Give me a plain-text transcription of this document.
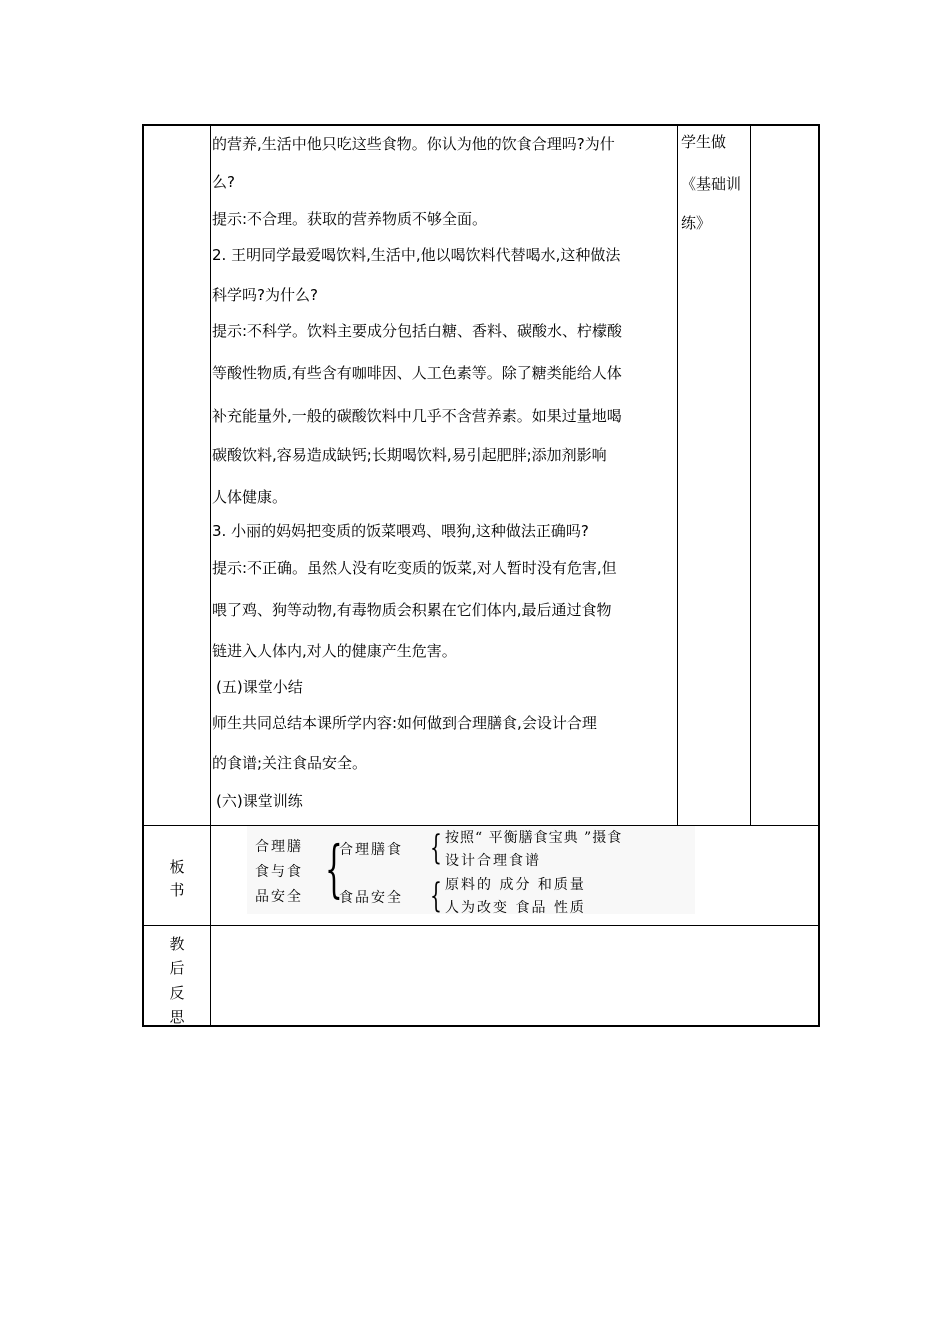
的营养,生活中他只吃这些食物。你认为他的饮食合理吗?为什
么?
提示:不合理。获取的营养物质不够全面。
2. 王明同学最爱喝饮料,生活中,他以喝饮料代替喝水,这种做法
科学吗?为什么?
提示:不科学。饮料主要成分包括白糖、香料、碳酸水、柠檬酸
等酸性物质,有些含有咖啡因、人工色素等。除了糖类能给人体
补充能量外,一般的碳酸饮料中几乎不含营养素。如果过量地喝
碳酸饮料,容易造成缺钙;长期喝饮料,易引起肥胖;添加剂影响
人体健康。
3. 小丽的妈妈把变质的饭菜喂鸡、喂狗,这种做法正确吗?
提示:不正确。虽然人没有吃变质的饭菜,对人暂时没有危害,但
喂了鸡、狗等动物,有毒物质会积累在它们体内,最后通过食物
链进入人体内,对人的健康产生危害。
(五)课堂小结
师生共同总结本课所学内容:如何做到合理膳食,会设计合理
的食谱;关注食品安全。
(六)课堂训练
学生做
《基础训
练》
板
书
教
后
反
思
合理膳
食与食
品安全 {
合理膳食
食品安全
{
{
按照“ 平衡膳食宝典 ”摄食
设计合理食谱
原料的 成分 和质量
人为改变 食品 性质
